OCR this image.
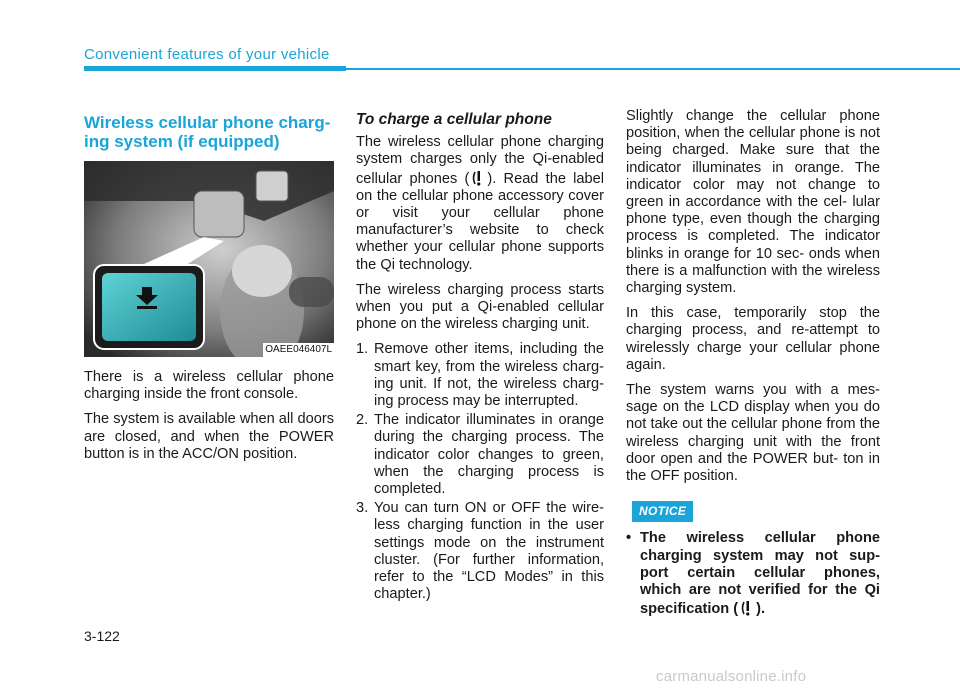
Convenient features of your vehicle
Wireless cellular phone charg- ing system (if equipped)
OAEE046407L

There is a wireless cellular phone charging inside the front console.

The system is available when all doors are closed, and when the POWER button is in the ACC/ON position.

To charge a cellular phone

The wireless cellular phone charging system charges only the Qi-enabled cellular phones ( ). Read the label on the cellular phone accessory cover or visit your cellular phone manufacturer’s website to check whether your cellular phone supports the Qi technology.

The wireless charging process starts when you put a Qi-enabled cellular phone on the wireless charging unit.

1. Remove other items, including the smart key, from the wireless charg- ing unit. If not, the wireless charg- ing process may be interrupted.
2. The indicator illuminates in orange during the charging process. The indicator color changes to green, when the charging process is completed.
3. You can turn ON or OFF the wire- less charging function in the user settings mode on the instrument cluster. (For further information, refer to the “LCD Modes” in this chapter.)

Slightly change the cellular phone position, when the cellular phone is not being charged. Make sure that the indicator illuminates in orange. The indicator color may not change to green in accordance with the cel- lular phone type, even though the charging process is completed. The indicator blinks in orange for 10 sec- onds when there is a malfunction with the wireless charging system.

In this case, temporarily stop the charging process, and re-attempt to wirelessly charge your cellular phone again.

The system warns you with a mes- sage on the LCD display when you do not take out the cellular phone from the wireless charging unit with the front door open and the POWER but- ton in the OFF position.

NOTICE
• The wireless cellular phone charging system may not sup- port certain cellular phones, which are not verified for the Qi specification ( ).
3-122
carmanualsonline.info
